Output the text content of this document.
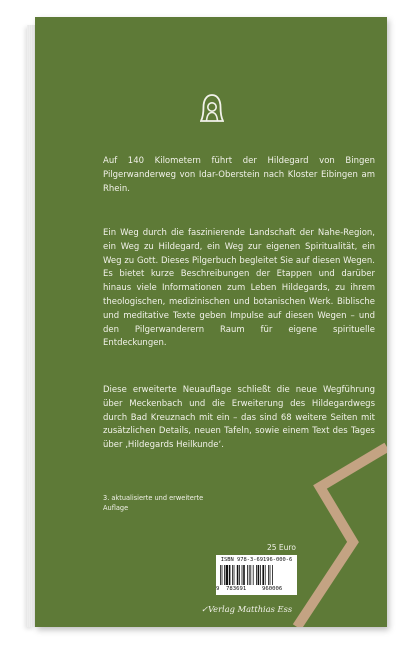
Auf 140 Kilometern führt der Hildegard von Bingen Pilgerwanderweg von Idar-Oberstein nach Kloster Eibingen am Rhein.

Ein Weg durch die faszinierende Landschaft der Nahe-Region, ein Weg zu Hildegard, ein Weg zur eigenen Spiritualität, ein Weg zu Gott. Dieses Pilgerbuch begleitet Sie auf diesen Wegen. Es bietet kurze Beschreibungen der Etappen und darüber hinaus viele Informationen zum Leben Hildegards, zu ihrem theologischen, medizinischen und botanischen Werk. Biblische und meditative Texte geben Impulse auf diesen Wegen – und den Pilgerwanderern Raum für eigene spirituelle Entdeckungen.

Diese erweiterte Neuauflage schließt die neue Wegführung über Meckenbach und die Erweiterung des Hildegardwegs durch Bad Kreuznach mit ein – das sind 68 weitere Seiten mit zusätzlichen Details, neuen Tafeln, sowie einem Text des Tages über ‚Hildegards Heilkunde‘.

3. aktualisierte und erweiterte Auflage

25 Euro
ISBN 978-3-69196-000-6
9 783691	960006
✓Verlag Matthias Ess
